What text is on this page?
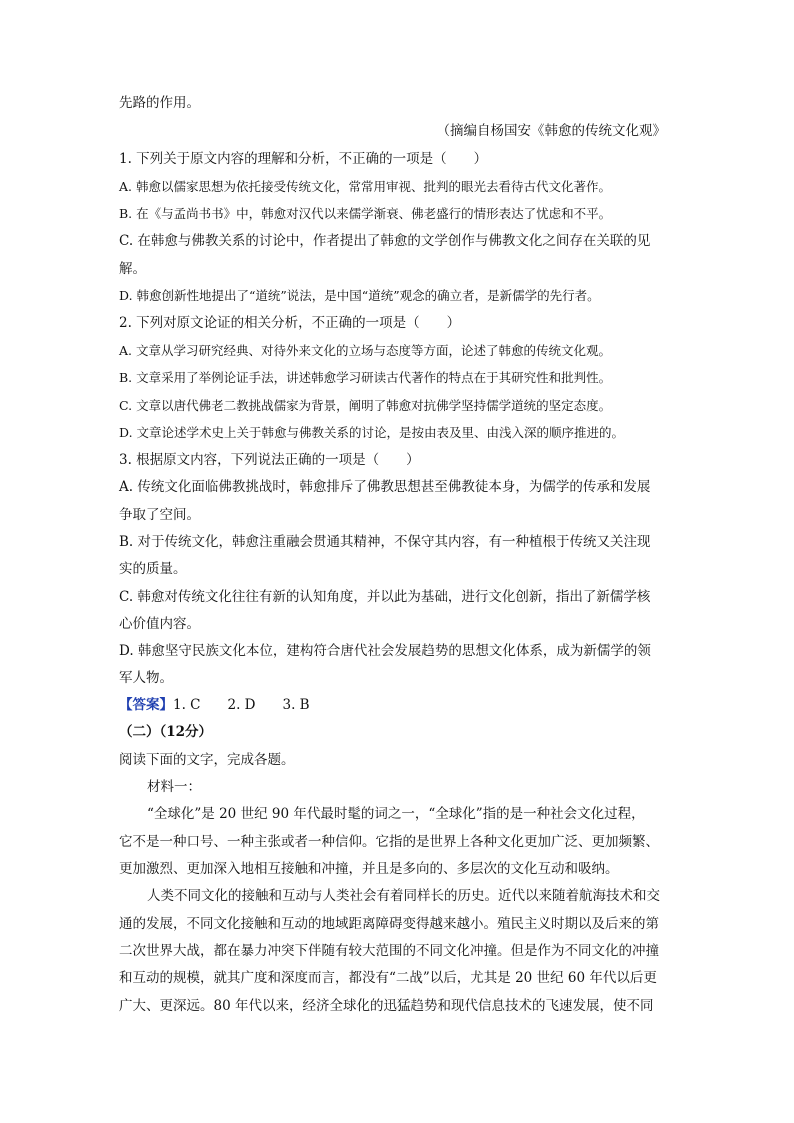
先路的作用。
（摘编自杨国安《韩愈的传统文化观》
1. 下列关于原文内容的理解和分析，不正确的一项是（　　）
A. 韩愈以儒家思想为依托接受传统文化，常常用审视、批判的眼光去看待古代文化著作。
B. 在《与孟尚书书》中，韩愈对汉代以来儒学渐衰、佛老盛行的情形表达了忧虑和不平。
C. 在韩愈与佛教关系的讨论中，作者提出了韩愈的文学创作与佛教文化之间存在关联的见
解。
D. 韩愈创新性地提出了“道统”说法，是中国“道统”观念的确立者，是新儒学的先行者。
2. 下列对原文论证的相关分析，不正确的一项是（　　）
A. 文章从学习研究经典、对待外来文化的立场与态度等方面，论述了韩愈的传统文化观。
B. 文章采用了举例论证手法，讲述韩愈学习研读古代著作的特点在于其研究性和批判性。
C. 文章以唐代佛老二教挑战儒家为背景，阐明了韩愈对抗佛学坚持儒学道统的坚定态度。
D. 文章论述学术史上关于韩愈与佛教关系的讨论，是按由表及里、由浅入深的顺序推进的。
3. 根据原文内容，下列说法正确的一项是（　　）
A. 传统文化面临佛教挑战时，韩愈排斥了佛教思想甚至佛教徒本身，为儒学的传承和发展
争取了空间。
B. 对于传统文化，韩愈注重融会贯通其精神，不保守其内容，有一种植根于传统又关注现
实的质量。
C. 韩愈对传统文化往往有新的认知角度，并以此为基础，进行文化创新，指出了新儒学核
心价值内容。
D. 韩愈坚守民族文化本位，建构符合唐代社会发展趋势的思想文化体系，成为新儒学的领
军人物。
【答案】1. C　　2. D　　3. B
（二）（12分）
阅读下面的文字，完成各题。
材料一：
“全球化”是 20 世纪 90 年代最时髦的词之一，“全球化”指的是一种社会文化过程，
它不是一种口号、一种主张或者一种信仰。它指的是世界上各种文化更加广泛、更加频繁、
更加激烈、更加深入地相互接触和冲撞，并且是多向的、多层次的文化互动和吸纳。
人类不同文化的接触和互动与人类社会有着同样长的历史。近代以来随着航海技术和交
通的发展，不同文化接触和互动的地域距离障碍变得越来越小。殖民主义时期以及后来的第
二次世界大战，都在暴力冲突下伴随有较大范围的不同文化冲撞。但是作为不同文化的冲撞
和互动的规模，就其广度和深度而言，都没有“二战”以后，尤其是 20 世纪 60 年代以后更
广大、更深远。80 年代以来，经济全球化的迅猛趋势和现代信息技术的飞速发展，使不同
